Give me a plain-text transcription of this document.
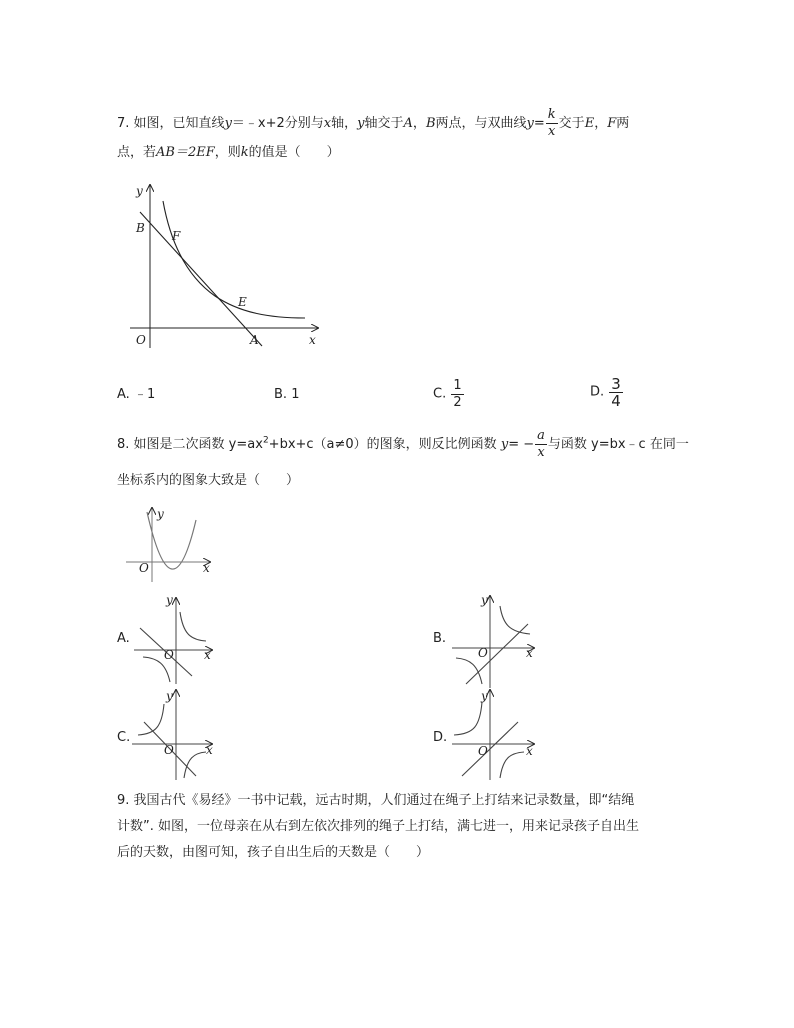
7. 如图，已知直线y＝﹣x+2分别与x轴，y轴交于A，B两点，与双曲线$y= \frac{k}{x}$ 交于E，F两
点，若AB＝2EF，则k的值是（　　）
y
B
F
E
O	A	x
y
O	x
y
O	x
y
O	x
y
O	x
y
O	x
A. ﹣1	B. 1	C. $\frac{1}{2}$	D. $\frac{3}{4}$
8. 如图是二次函数 $y=ax^2+bx+c(a\ne 0)$的图象，则反比例函数 $y= - \frac{a}{x}$ 与函数 y=bx﹣c 在同一
坐标系内的图象大致是（　　）
A.	B.
C.	D.
9. 我国古代《易经》一书中记载，远古时期，人们通过在绳子上打结来记录数量，即“结绳
计数”. 如图，一位母亲在从右到左依次排列的绳子上打结，满七进一，用来记录孩子自出生
后的天数，由图可知，孩子自出生后的天数是（　　）
